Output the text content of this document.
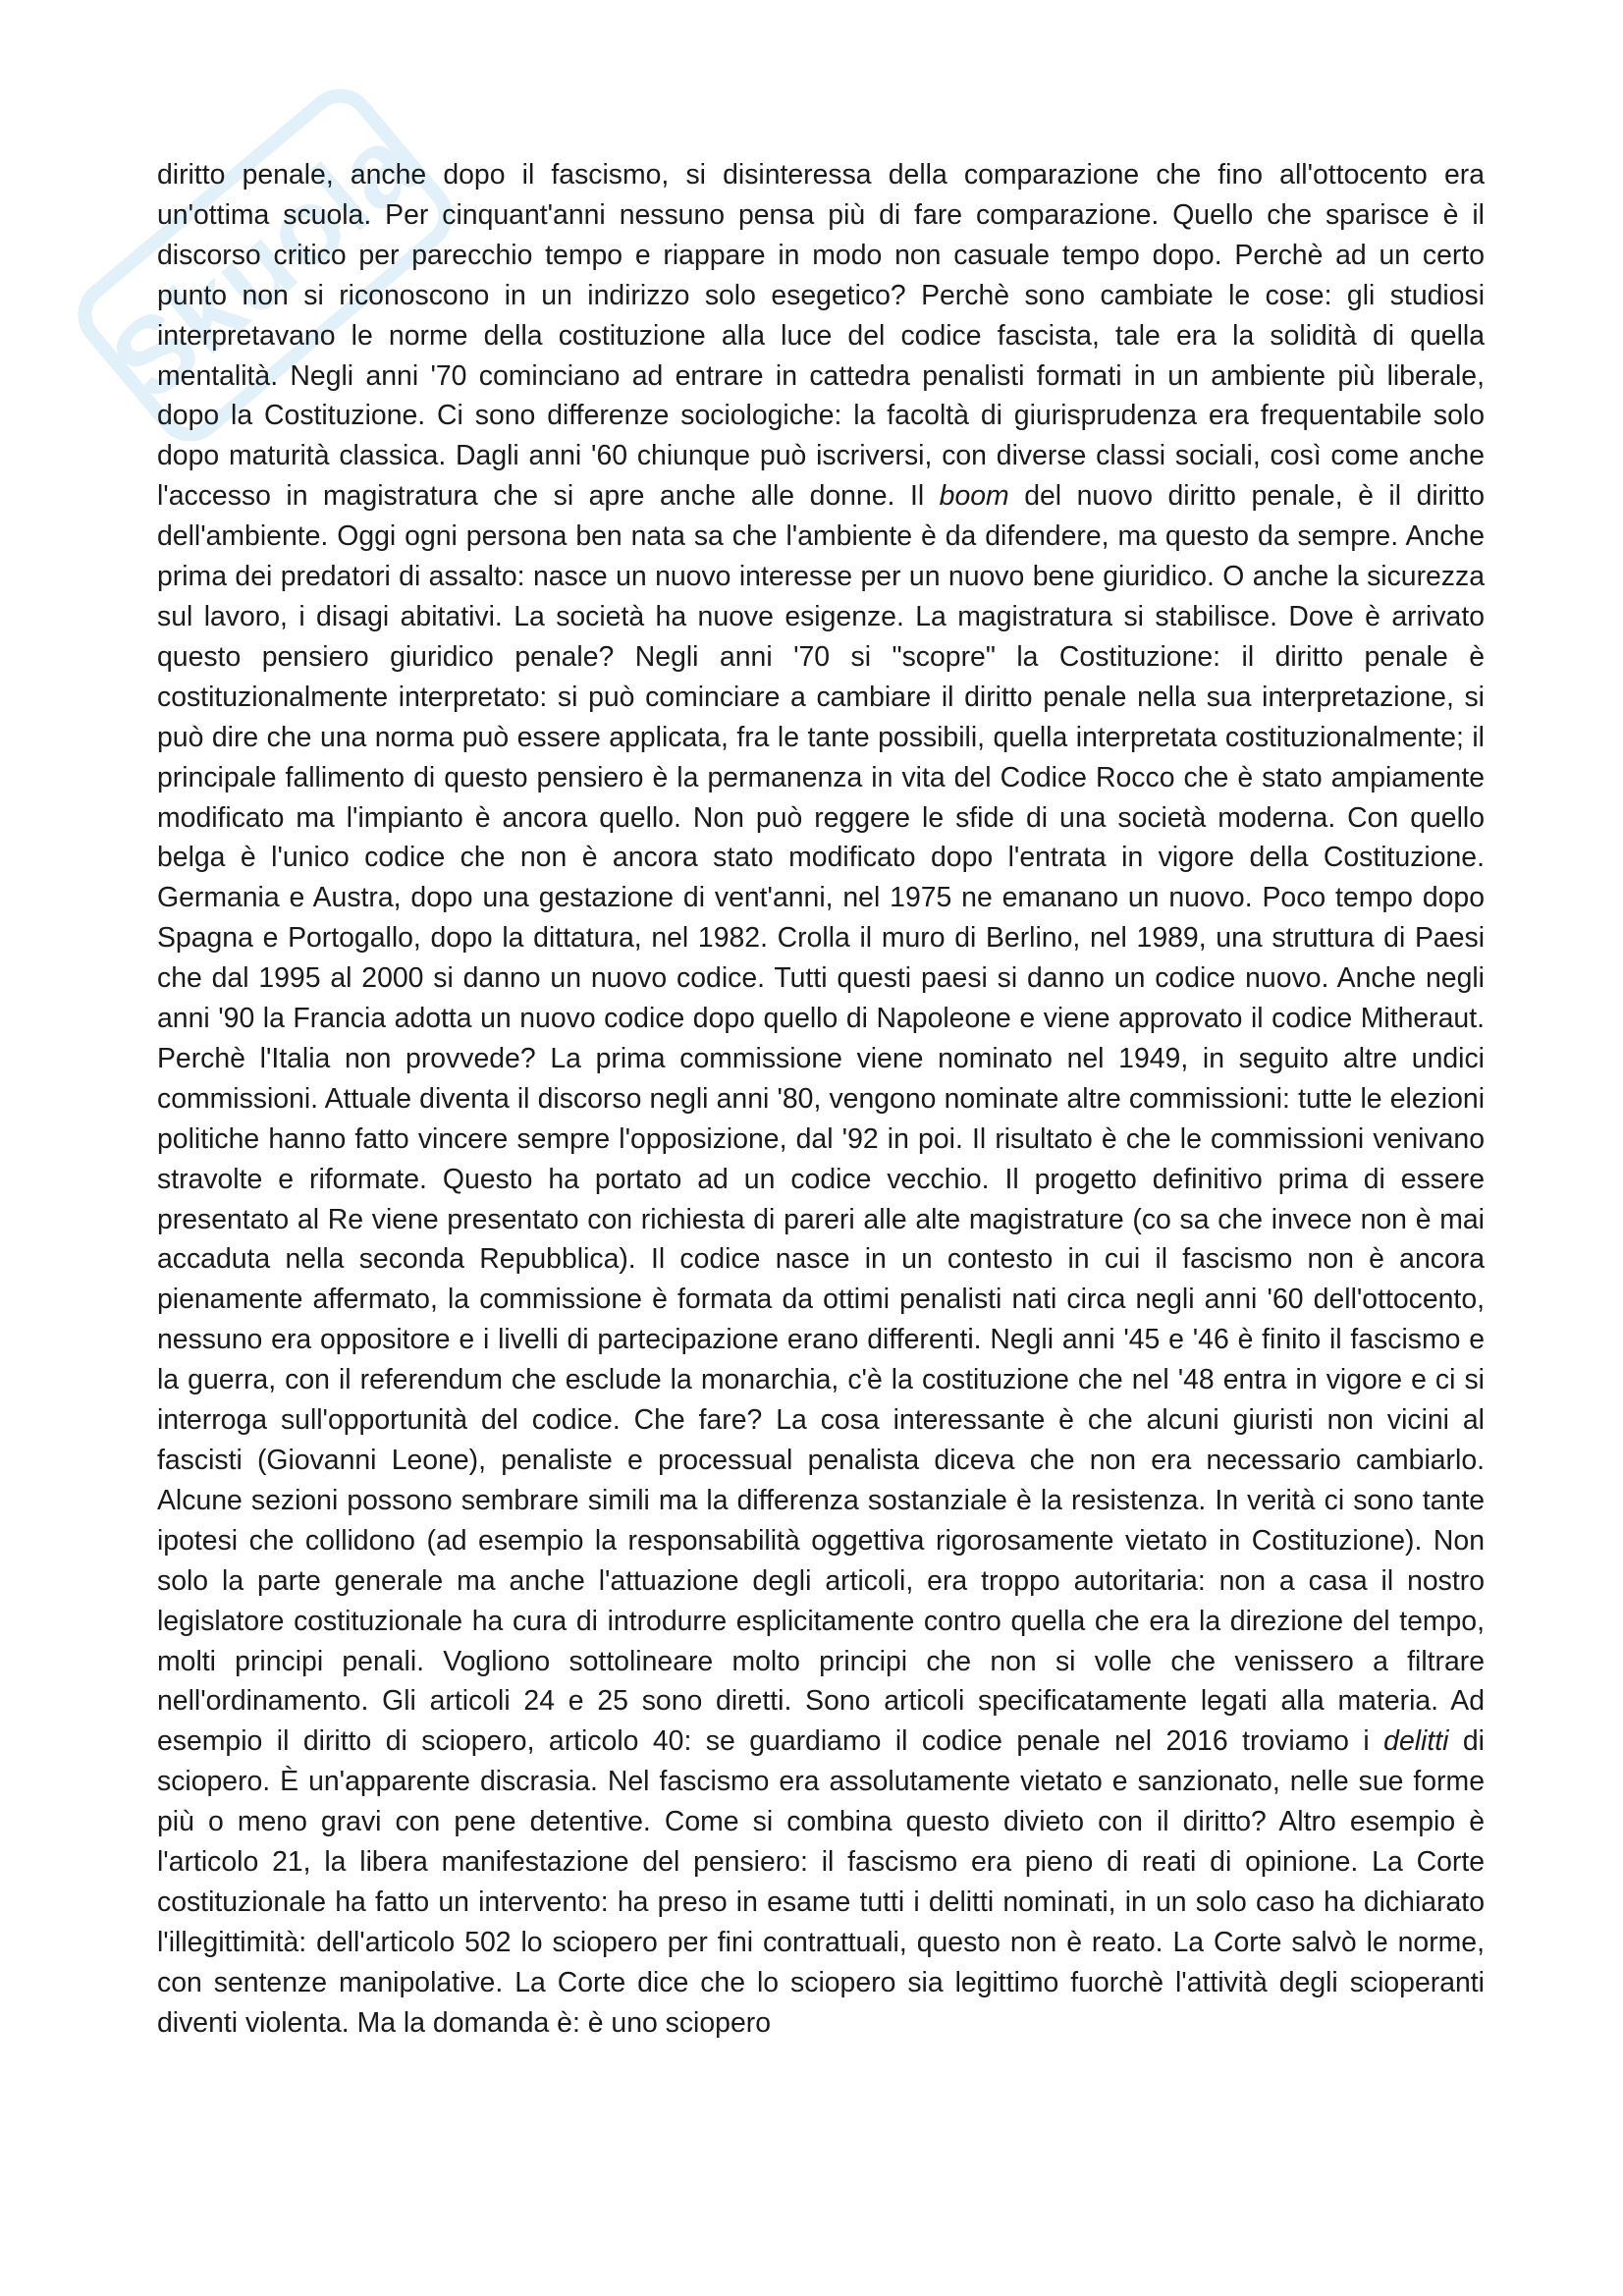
Skuola

diritto penale, anche dopo il fascismo, si disinteressa della comparazione che fino all'ottocento era un'ottima scuola. Per cinquant'anni nessuno pensa più di fare comparazione. Quello che sparisce è il discorso critico per parecchio tempo e riappare in modo non casuale tempo dopo. Perchè ad un certo punto non si riconoscono in un indirizzo solo esegetico? Perchè sono cambiate le cose: gli studiosi interpretavano le norme della costituzione alla luce del codice fascista, tale era la solidità di quella mentalità. Negli anni '70 cominciano ad entrare in cattedra penalisti formati in un ambiente più liberale, dopo la Costituzione. Ci sono differenze sociologiche: la facoltà di giurisprudenza era frequentabile solo dopo maturità classica. Dagli anni '60 chiunque può iscriversi, con diverse classi sociali, così come anche l'accesso in magistratura che si apre anche alle donne. Il boom del nuovo diritto penale, è il diritto dell'ambiente. Oggi ogni persona ben nata sa che l'ambiente è da difendere, ma questo da sempre. Anche prima dei predatori di assalto: nasce un nuovo interesse per un nuovo bene giuridico. O anche la sicurezza sul lavoro, i disagi abitativi. La società ha nuove esigenze. La magistratura si stabilisce. Dove è arrivato questo pensiero giuridico penale? Negli anni '70 si "scopre" la Costituzione: il diritto penale è costituzionalmente interpretato: si può cominciare a cambiare il diritto penale nella sua interpretazione, si può dire che una norma può essere applicata, fra le tante possibili, quella interpretata costituzionalmente; il principale fallimento di questo pensiero è la permanenza in vita del Codice Rocco che è stato ampiamente modificato ma l'impianto è ancora quello. Non può reggere le sfide di una società moderna. Con quello belga è l'unico codice che non è ancora stato modificato dopo l'entrata in vigore della Costituzione. Germania e Austra, dopo una gestazione di vent'anni, nel 1975 ne emanano un nuovo. Poco tempo dopo Spagna e Portogallo, dopo la dittatura, nel 1982. Crolla il muro di Berlino, nel 1989, una struttura di Paesi che dal 1995 al 2000 si danno un nuovo codice. Tutti questi paesi si danno un codice nuovo. Anche negli anni '90 la Francia adotta un nuovo codice dopo quello di Napoleone e viene approvato il codice Mitheraut. Perchè l'Italia non provvede? La prima commissione viene nominato nel 1949, in seguito altre undici commissioni. Attuale diventa il discorso negli anni '80, vengono nominate altre commissioni: tutte le elezioni politiche hanno fatto vincere sempre l'opposizione, dal '92 in poi. Il risultato è che le commissioni venivano stravolte e riformate. Questo ha portato ad un codice vecchio. Il progetto definitivo prima di essere presentato al Re viene presentato con richiesta di pareri alle alte magistrature (co sa che invece non è mai accaduta nella seconda Repubblica). Il codice nasce in un contesto in cui il fascismo non è ancora pienamente affermato, la commissione è formata da ottimi penalisti nati circa negli anni '60 dell'ottocento, nessuno era oppositore e i livelli di partecipazione erano differenti. Negli anni '45 e '46 è finito il fascismo e la guerra, con il referendum che esclude la monarchia, c'è la costituzione che nel '48 entra in vigore e ci si interroga sull'opportunità del codice. Che fare? La cosa interessante è che alcuni giuristi non vicini al fascisti (Giovanni Leone), penaliste e processual penalista diceva che non era necessario cambiarlo. Alcune sezioni possono sembrare simili ma la differenza sostanziale è la resistenza. In verità ci sono tante ipotesi che collidono (ad esempio la responsabilità oggettiva rigorosamente vietato in Costituzione). Non solo la parte generale ma anche l'attuazione degli articoli, era troppo autoritaria: non a casa il nostro legislatore costituzionale ha cura di introdurre esplicitamente contro quella che era la direzione del tempo, molti principi penali. Vogliono sottolineare molto principi che non si volle che venissero a filtrare nell'ordinamento. Gli articoli 24 e 25 sono diretti. Sono articoli specificatamente legati alla materia. Ad esempio il diritto di sciopero, articolo 40: se guardiamo il codice penale nel 2016 troviamo i delitti di sciopero. È un'apparente discrasia. Nel fascismo era assolutamente vietato e sanzionato, nelle sue forme più o meno gravi con pene detentive. Come si combina questo divieto con il diritto? Altro esempio è l'articolo 21, la libera manifestazione del pensiero: il fascismo era pieno di reati di opinione. La Corte costituzionale ha fatto un intervento: ha preso in esame tutti i delitti nominati, in un solo caso ha dichiarato l'illegittimità: dell'articolo 502 lo sciopero per fini contrattuali, questo non è reato. La Corte salvò le norme, con sentenze manipolative. La Corte dice che lo sciopero sia legittimo fuorchè l'attività degli scioperanti diventi violenta. Ma la domanda è: è uno sciopero
